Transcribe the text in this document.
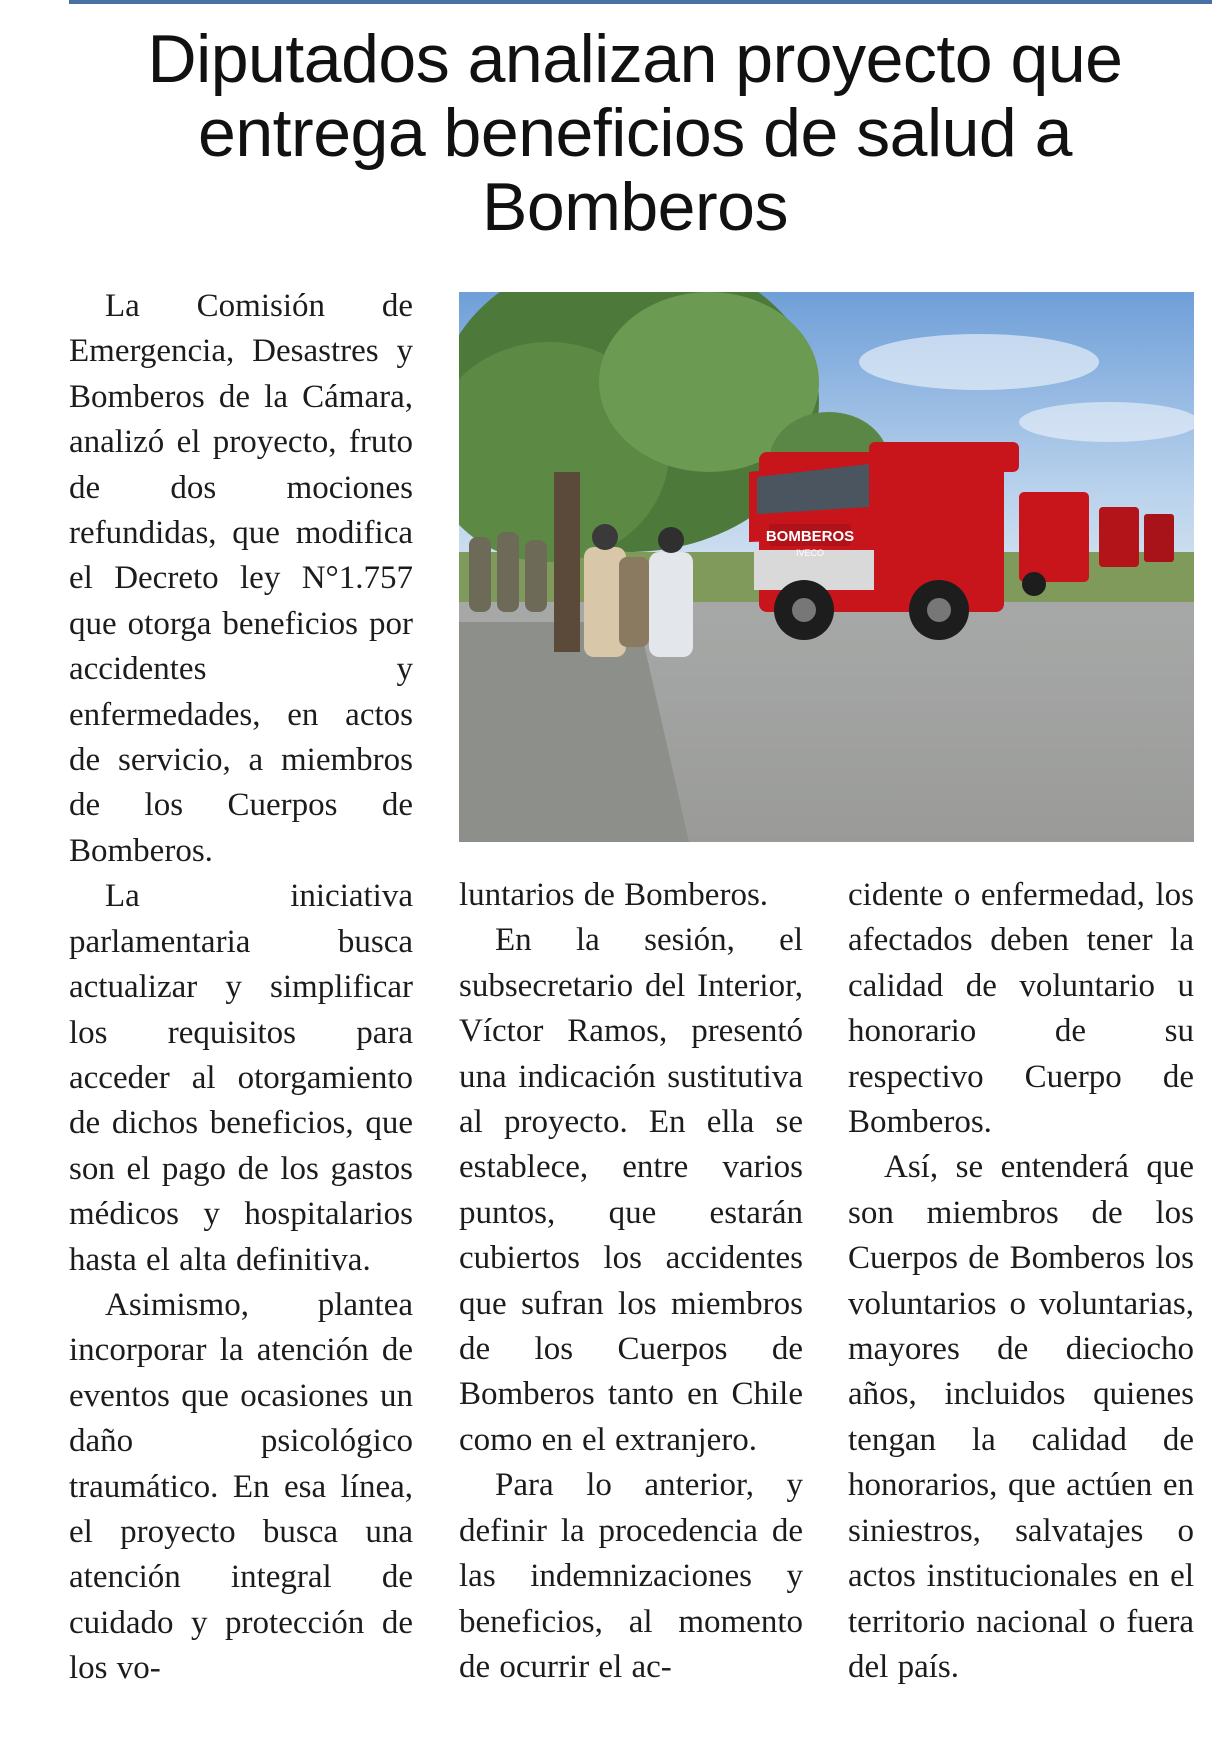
Diputados analizan proyecto que entrega beneficios de salud a Bomberos

La Comisión de Emergencia, Desastres y Bomberos de la Cámara, analizó el proyecto, fruto de dos mociones refundidas, que modifica el Decreto ley N°1.757 que otorga beneficios por accidentes y enfermedades, en actos de servicio, a miembros de los Cuerpos de Bomberos.

La iniciativa parlamentaria busca actualizar y simplificar los requisitos para acceder al otorgamiento de dichos beneficios, que son el pago de los gastos médicos y hospitalarios hasta el alta definitiva.

Asimismo, plantea incorporar la atención de eventos que ocasiones un daño psicológico traumático. En esa línea, el proyecto busca una atención integral de cuidado y protección de los vo-

BOMBEROS
IVECO

luntarios de Bomberos.

En la sesión, el subsecretario del Interior, Víctor Ramos, presentó una indicación sustitutiva al proyecto. En ella se establece, entre varios puntos, que estarán cubiertos los accidentes que sufran los miembros de los Cuerpos de Bomberos tanto en Chile como en el extranjero.

Para lo anterior, y definir la procedencia de las indemnizaciones y beneficios, al momento de ocurrir el ac-

cidente o enfermedad, los afectados deben tener la calidad de voluntario u honorario de su respectivo Cuerpo de Bomberos.

Así, se entenderá que son miembros de los Cuerpos de Bomberos los voluntarios o voluntarias, mayores de dieciocho años, incluidos quienes tengan la calidad de honorarios, que actúen en siniestros, salvatajes o actos institucionales en el territorio nacional o fuera del país.
